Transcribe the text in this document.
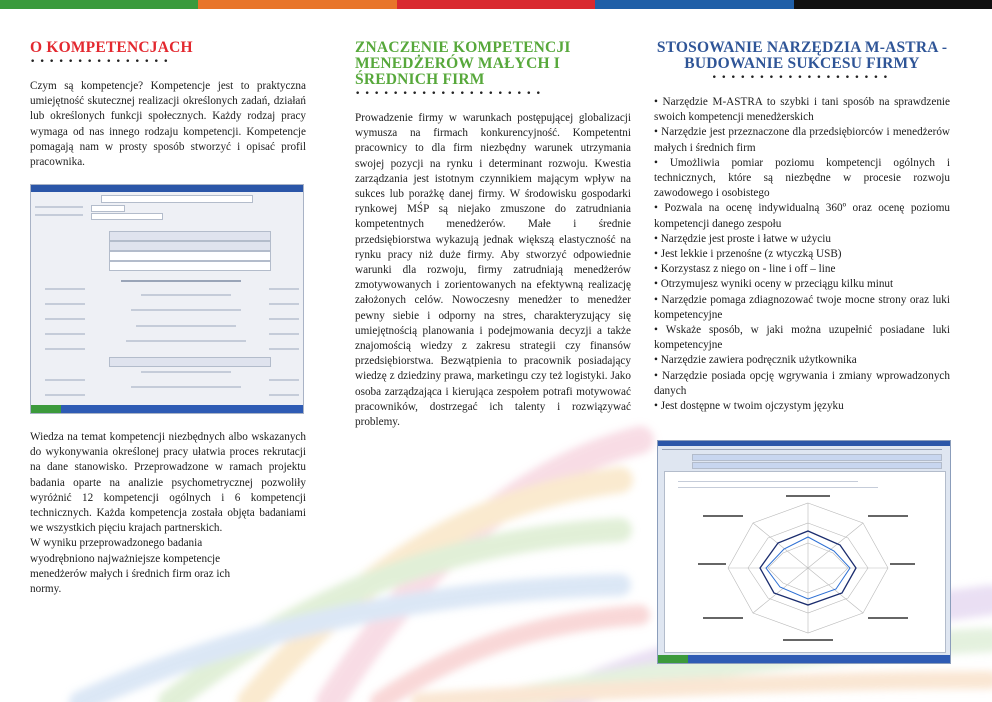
O KOMPETENCJACH
•••••••••••••••

Czym są kompetencje? Kompetencje jest to praktyczna umiejętność skutecznej realizacji określonych zadań, działań lub określonych funkcji społecznych. Każdy rodzaj pracy wymaga od nas innego rodzaju kompetencji. Kompetencje pomagają nam w prosty sposób stworzyć i opisać profil pracownika.

Wiedza na temat kompetencji niezbędnych albo wskazanych do wykonywania określonej pracy ułatwia proces rekrutacji na dane stanowisko. Przeprowadzone w ramach projektu badania oparte na analizie psychometrycznej pozwoliły wyróżnić 12 kompetencji ogólnych i 6 kompetencji technicznych. Każda kompetencja została objęta badaniami we wszystkich pięciu krajach partnerskich.

W wyniku przeprowadzonego badania wyodrębniono najważniejsze kompetencje menedżerów małych i średnich firm oraz ich normy.

ZNACZENIE KOMPETENCJI MENEDŻERÓW MAŁYCH I ŚREDNICH FIRM
••••••••••••••••••••

Prowadzenie firmy w warunkach postępującej globalizacji wymusza na firmach konkurencyjność. Kompetentni pracownicy to dla firm niezbędny warunek utrzymania swojej pozycji na rynku i determinant rozwoju. Kwestia zarządzania jest istotnym czynnikiem mającym wpływ na sukces lub porażkę danej firmy. W środowisku gospodarki rynkowej MŚP są niejako zmuszone do zatrudniania kompetentnych menedżerów. Małe i średnie przedsiębiorstwa wykazują jednak większą elastyczność na rynku pracy niż duże firmy. Aby stworzyć odpowiednie warunki dla rozwoju, firmy zatrudniają menedżerów zmotywowanych i zorientowanych na efektywną realizację założonych celów. Nowoczesny menedżer to menedżer pewny siebie i odporny na stres, charakteryzujący się umiejętnością planowania i podejmowania decyzji a także znajomością wiedzy z zakresu strategii czy finansów przedsiębiorstwa. Bezwątpienia to pracownik posiadający wiedzę z dziedziny prawa, marketingu czy też logistyki. Jako osoba zarządzająca i kierująca zespołem potrafi motywować pracowników, dostrzegać ich talenty i rozwiązywać problemy.

STOSOWANIE NARZĘDZIA M-ASTRA - BUDOWANIE SUKCESU FIRMY
•••••••••••••••••••
• Narzędzie M-ASTRA to szybki i tani sposób na sprawdzenie swoich kompetencji menedżerskich
• Narzędzie jest przeznaczone dla przedsiębiorców i menedżerów małych i średnich firm
• Umożliwia pomiar poziomu kompetencji ogólnych i technicznych, które są niezbędne w procesie rozwoju zawodowego i osobistego
• Pozwala na ocenę indywidualną 360º oraz ocenę poziomu kompetencji danego zespołu
• Narzędzie jest proste i łatwe w użyciu
• Jest lekkie i przenośne (z wtyczką USB)
• Korzystasz z niego on - line i off – line
• Otrzymujesz wyniki oceny w przeciągu kilku minut
• Narzędzie pomaga zdiagnozować twoje mocne strony oraz luki kompetencyjne
• Wskaże sposób, w jaki można uzupełnić posiadane luki kompetencyjne
• Narzędzie zawiera podręcznik użytkownika
• Narzędzie posiada opcję wgrywania i zmiany wprowadzonych danych
• Jest dostępne w twoim ojczystym języku
